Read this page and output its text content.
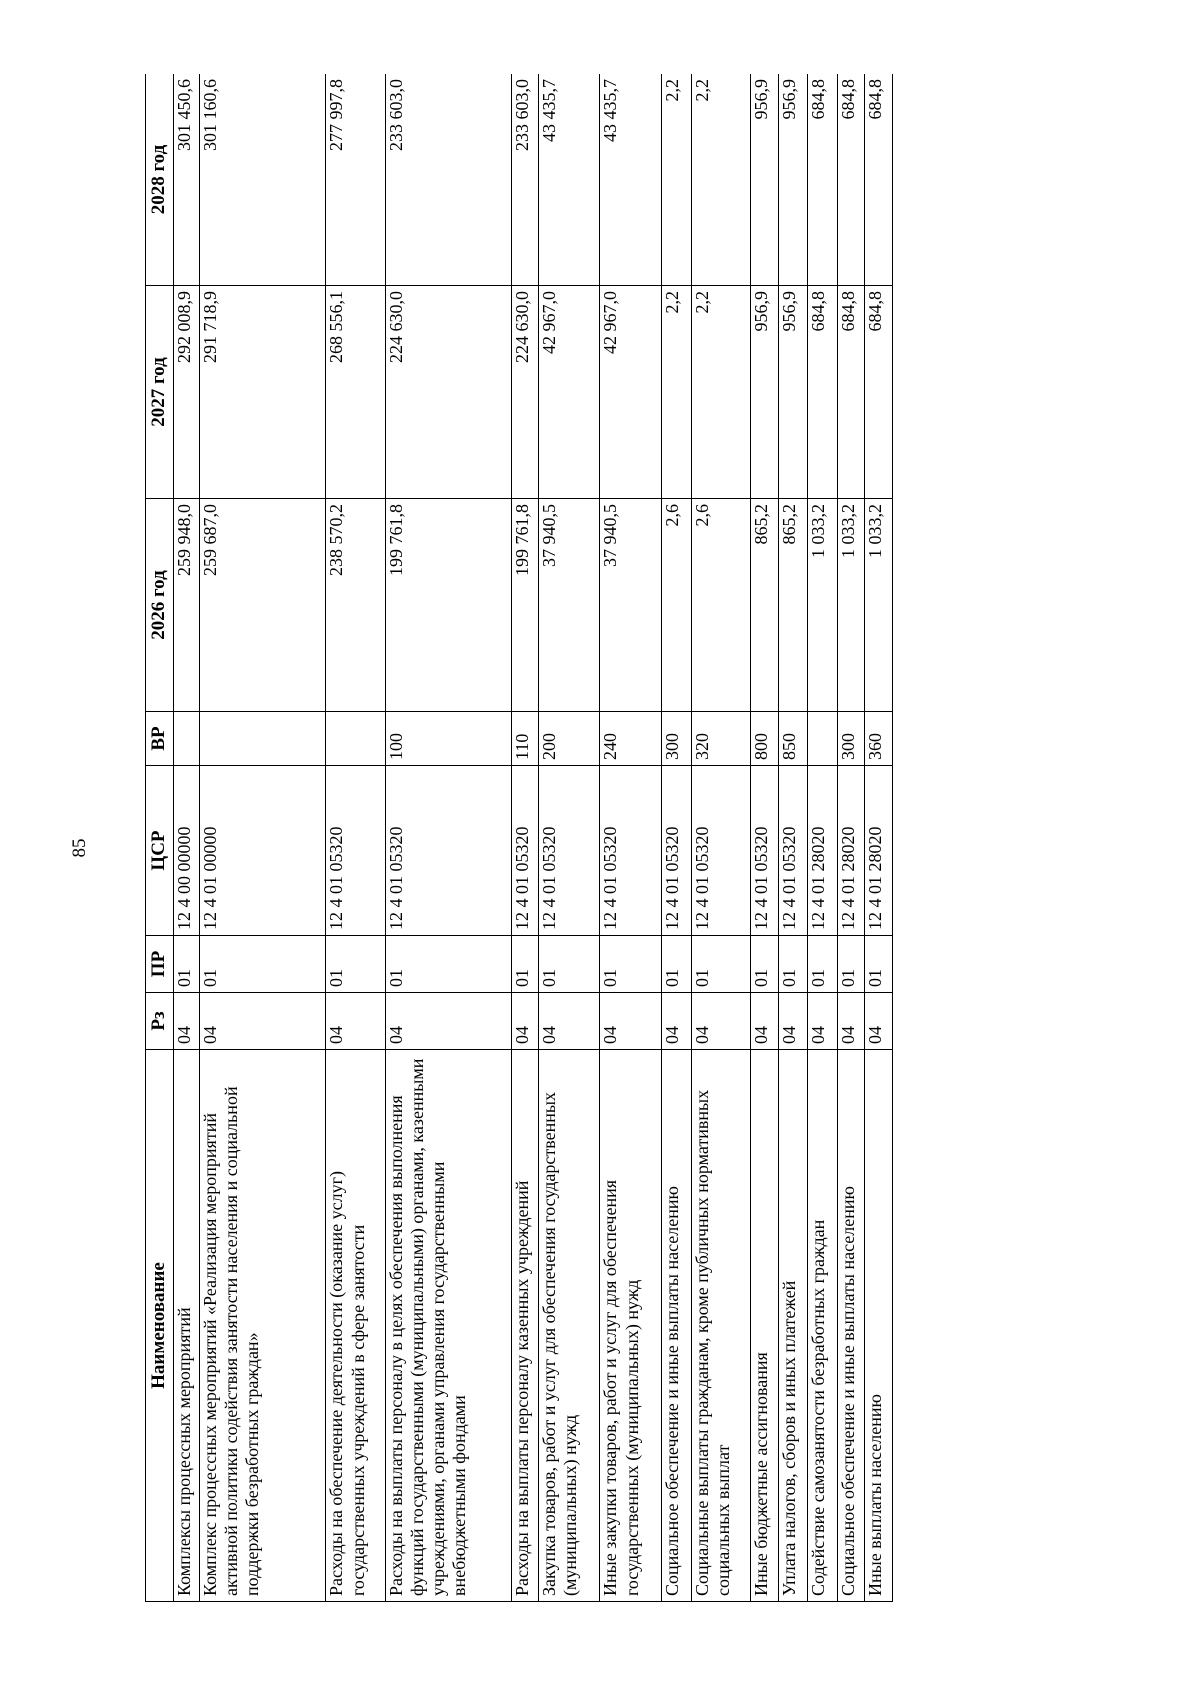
85
Наименование	Рз	ПР	ЦСР	ВР	2026 год	2027 год	2028 год
Комплексы процессных мероприятий	04	01	12 4 00 00000		259 948,0	292 008,9	301 450,6
Комплекс процессных мероприятий «Реализация мероприятий активной политики содействия занятости населения и социальной поддержки безработных граждан»	04	01	12 4 01 00000		259 687,0	291 718,9	301 160,6
Расходы на обеспечение деятельности (оказание услуг) государственных учреждений в сфере занятости	04	01	12 4 01 05320		238 570,2	268 556,1	277 997,8
Расходы на выплаты персоналу в целях обеспечения выполнения функций государственными (муниципальными) органами, казенными учреждениями, органами управления государственными внебюджетными фондами	04	01	12 4 01 05320	100	199 761,8	224 630,0	233 603,0
Расходы на выплаты персоналу казенных учреждений	04	01	12 4 01 05320	110	199 761,8	224 630,0	233 603,0
Закупка товаров, работ и услуг для обеспечения государственных (муниципальных) нужд	04	01	12 4 01 05320	200	37 940,5	42 967,0	43 435,7
Иные закупки товаров, работ и услуг для обеспечения государственных (муниципальных) нужд	04	01	12 4 01 05320	240	37 940,5	42 967,0	43 435,7
Социальное обеспечение и иные выплаты населению	04	01	12 4 01 05320	300	2,6	2,2	2,2
Социальные выплаты гражданам, кроме публичных нормативных социальных выплат	04	01	12 4 01 05320	320	2,6	2,2	2,2
Иные бюджетные ассигнования	04	01	12 4 01 05320	800	865,2	956,9	956,9
Уплата налогов, сборов и иных платежей	04	01	12 4 01 05320	850	865,2	956,9	956,9
Содействие самозанятости безработных граждан	04	01	12 4 01 28020		1 033,2	684,8	684,8
Социальное обеспечение и иные выплаты населению	04	01	12 4 01 28020	300	1 033,2	684,8	684,8
Иные выплаты населению	04	01	12 4 01 28020	360	1 033,2	684,8	684,8
